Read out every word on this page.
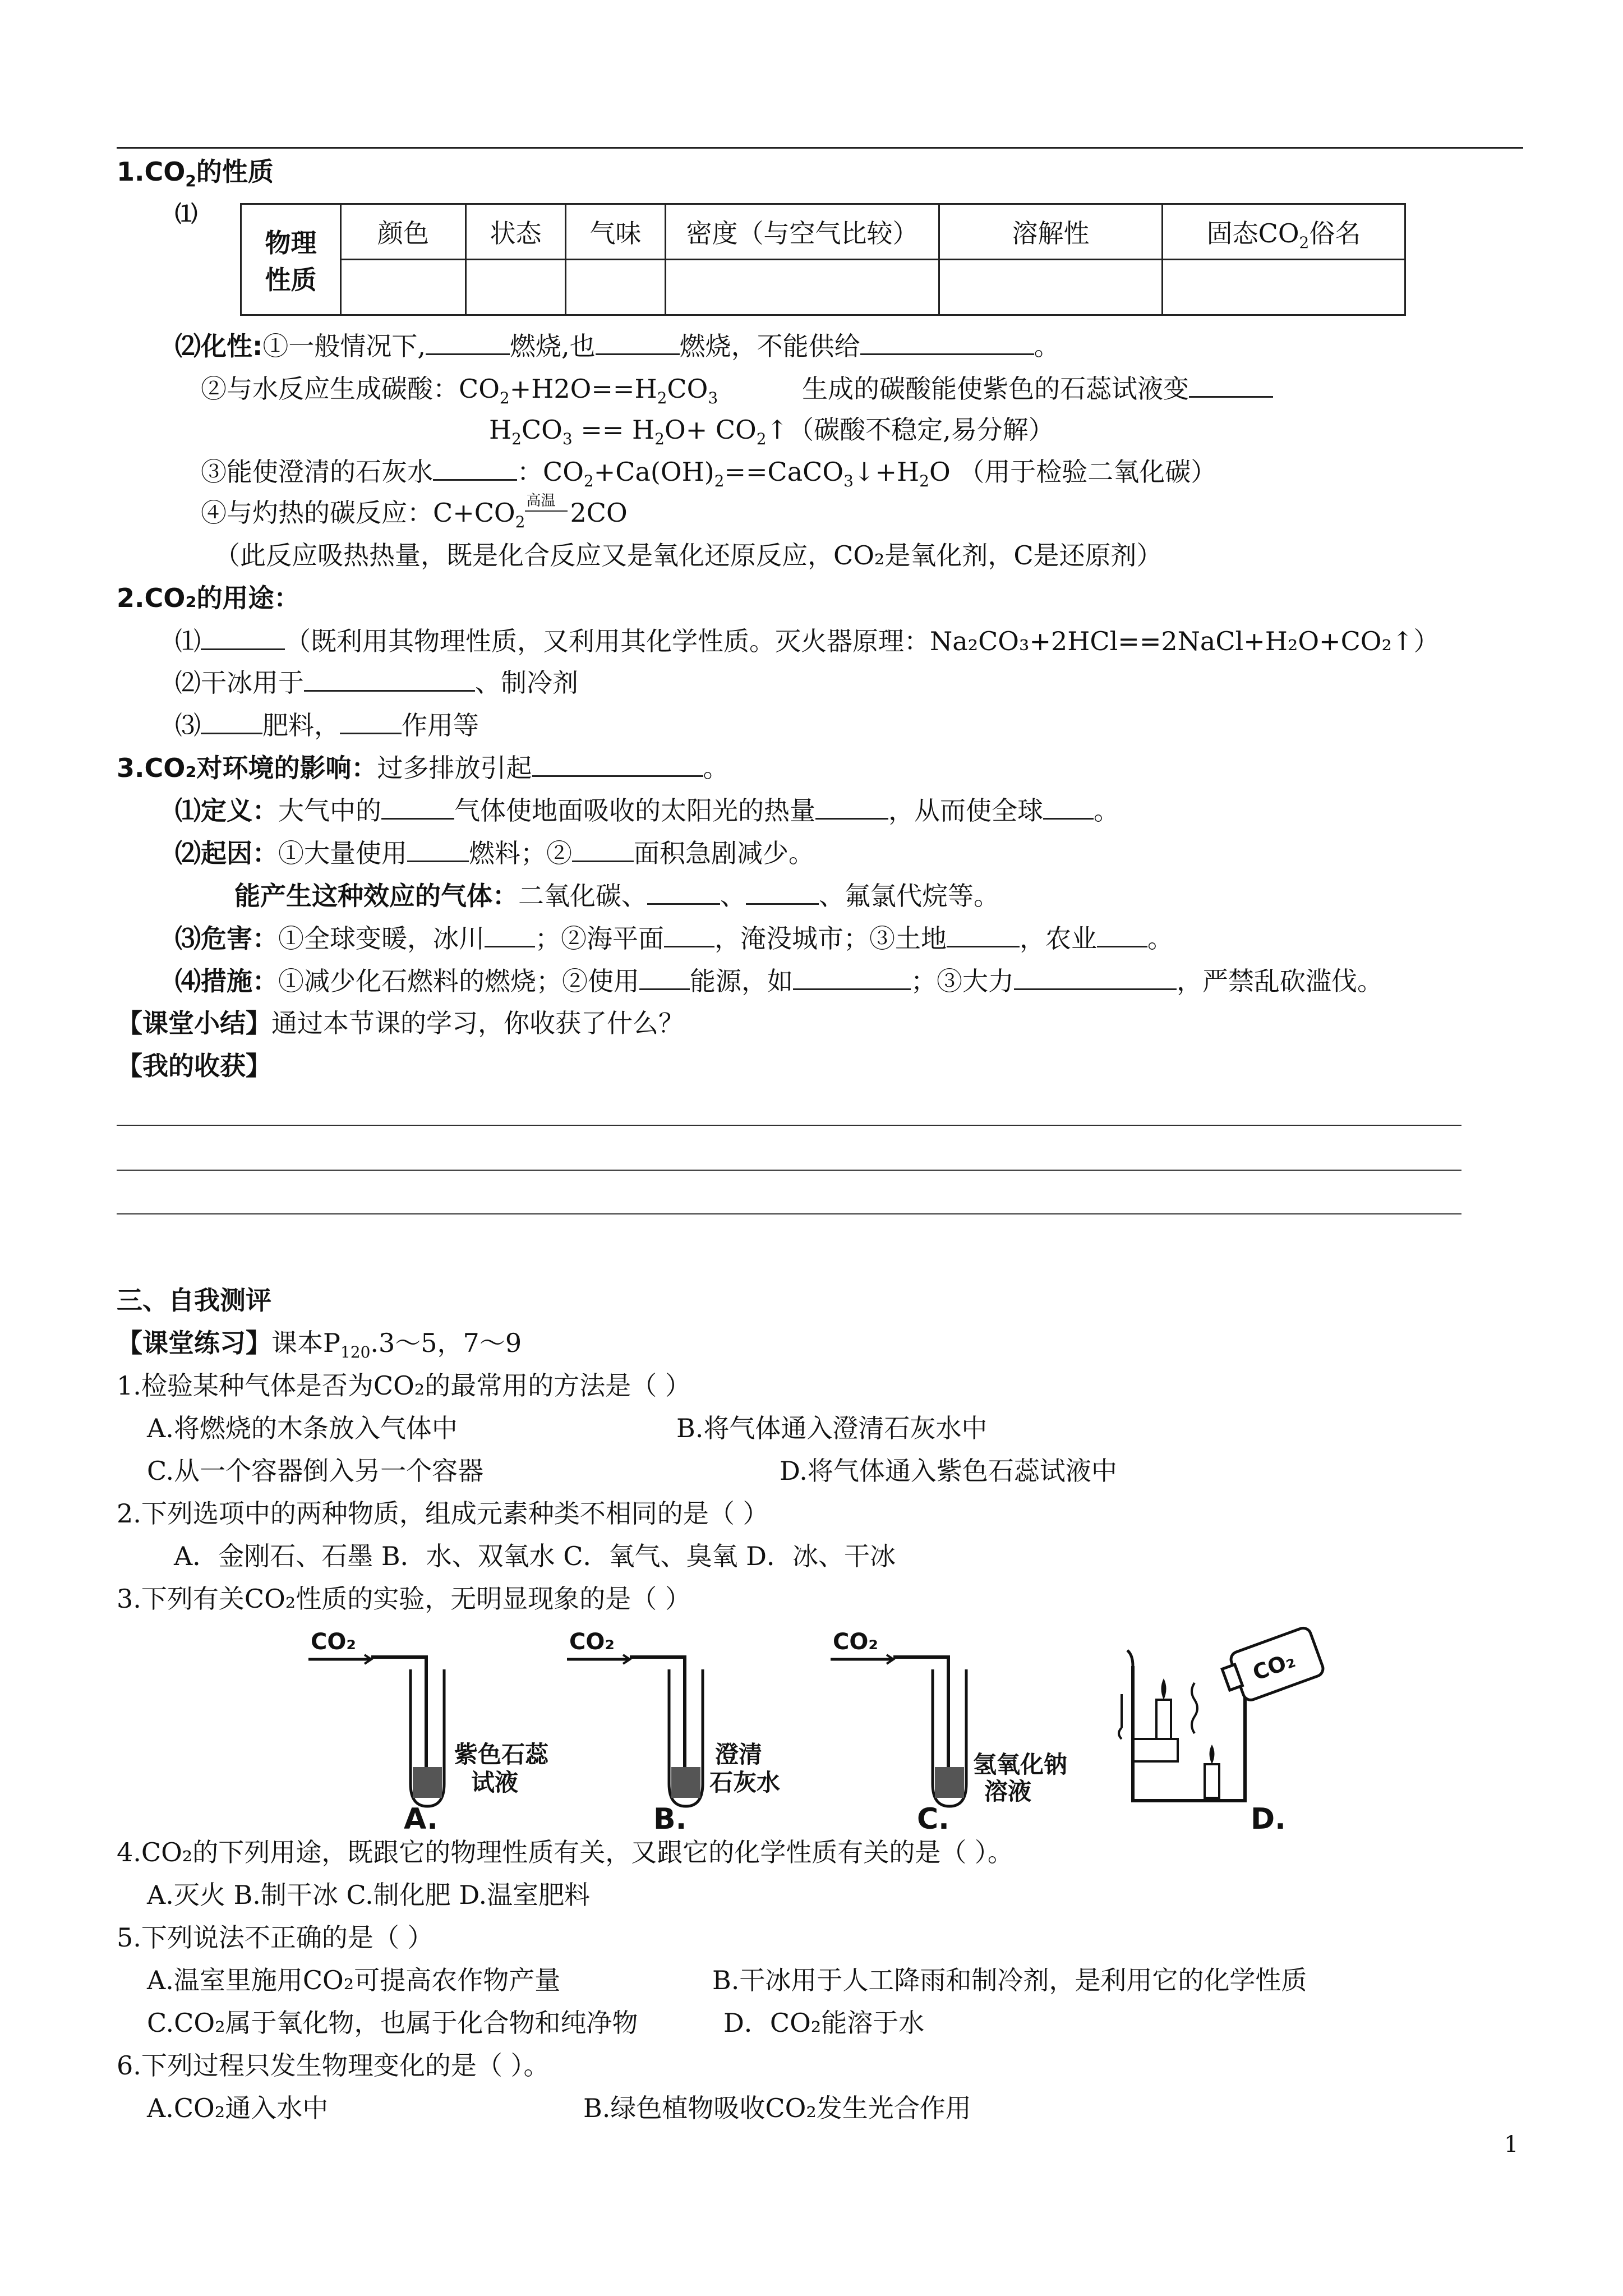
$1.CO_2$的性质
⑴
物理
性质	颜色	状态	气味	密度（与空气比较）	溶解性	固态$CO_2$俗名

⑵化性:①一般情况下,	燃烧,也	燃烧，不能供给	。
②与水反应生成碳酸：$CO_2+H2O==H_2CO_3$	生成的碳酸能使紫色的石蕊试液变
$H_2CO_3 == H_2O+$ $CO_2↑$（碳酸不稳定,易分解）
③能使澄清的石灰水	：$CO_2+Ca(OH)_2==CaCO_3↓+H_2O$ （用于检验二氧化碳）
④与灼热的碳反应：$C+CO_2$
高温 2CO
（此反应吸热热量，既是化合反应又是氧化还原反应，CO₂是氧化剂，C是还原剂）
2.CO₂的用途：
⑴	（既利用其物理性质，又利用其化学性质。灭火器原理：Na₂CO₃+2HCl==2NaCl+H₂O+CO₂↑）
⑵干冰用于	、制冷剂
⑶ 肥料， 作用等
3.CO₂对环境的影响：过多排放引起	。
⑴定义：大气中的	气体使地面吸收的太阳光的热量	，从而使全球 。
⑵起因：①大量使用 燃料；② 面积急剧减少。
能产生这种效应的气体：二氧化碳、	、	、氟氯代烷等。
⑶危害：①全球变暖，冰川 ；②海平面 ，淹没城市；③土地	，农业 。
⑷措施：①减少化石燃料的燃烧；②使用 能源，如	；③大力	，严禁乱砍滥伐。
【课堂小结】通过本节课的学习，你收获了什么？
【我的收获】
三、自我测评
【课堂练习】课本$P_{120}.3\sim 5$，7～9
1.检验某种气体是否为CO₂的最常用的方法是（ ）
A.将燃烧的木条放入气体中	B.将气体通入澄清石灰水中
C.从一个容器倒入另一个容器	D.将气体通入紫色石蕊试液中
2.下列选项中的两种物质，组成元素种类不相同的是（ ）
A．金刚石、石墨 B．水、双氧水 C．氧气、臭氧 D．冰、干冰
3.下列有关CO₂性质的实验，无明显现象的是（ ）
CO₂
紫色石蕊
试液
A.
CO₂
澄清
石灰水
B.
CO₂
氢氧化钠
溶液
C.
CO₂
D.
4.CO₂的下列用途，既跟它的物理性质有关，又跟它的化学性质有关的是（ ）。
A.灭火 B.制干冰 C.制化肥 D.温室肥料
5.下列说法不正确的是（ ）
A.温室里施用CO₂可提高农作物产量	B.干冰用于人工降雨和制冷剂，是利用它的化学性质
C.CO₂属于氧化物，也属于化合物和纯净物	D．CO₂能溶于水
6.下列过程只发生物理变化的是（ ）。
A.CO₂通入水中	B.绿色植物吸收CO₂发生光合作用
1
